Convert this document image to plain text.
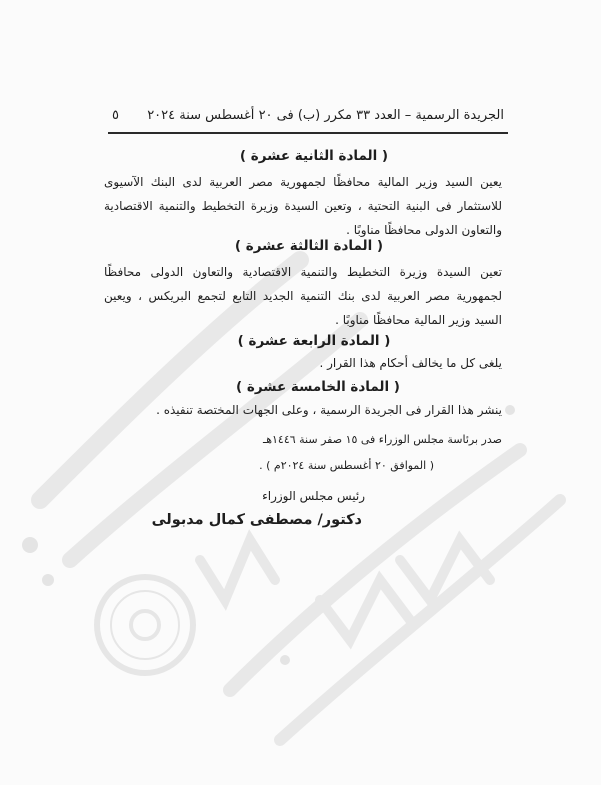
الجريدة الرسمية – العدد ٣٣ مكرر (ب) فى ٢٠ أغسطس سنة ٢٠٢٤
٥
( المادة الثانية عشرة )
يعين السيد وزير المالية محافظًا لجمهورية مصر العربية لدى البنك الآسيوى للاستثمار فى البنية التحتية ، وتعين السيدة وزيرة التخطيط والتنمية الاقتصادية والتعاون الدولى محافظًا مناوبًا .
( المادة الثالثة عشرة )
تعين السيدة وزيرة التخطيط والتنمية الاقتصادية والتعاون الدولى محافظًا لجمهورية مصر العربية لدى بنك التنمية الجديد التابع لتجمع البريكس ، ويعين السيد وزير المالية محافظًا مناوبًا .
( المادة الرابعة عشرة )
يلغى كل ما يخالف أحكام هذا القرار .
( المادة الخامسة عشرة )
ينشر هذا القرار فى الجريدة الرسمية ، وعلى الجهات المختصة تنفيذه .
صدر برئاسة مجلس الوزراء فى ١٥ صفر سنة ١٤٤٦هـ
( الموافق ٢٠ أغسطس سنة ٢٠٢٤م ) .
رئيس مجلس الوزراء
دكتور/ مصطفى كمال مدبولى
